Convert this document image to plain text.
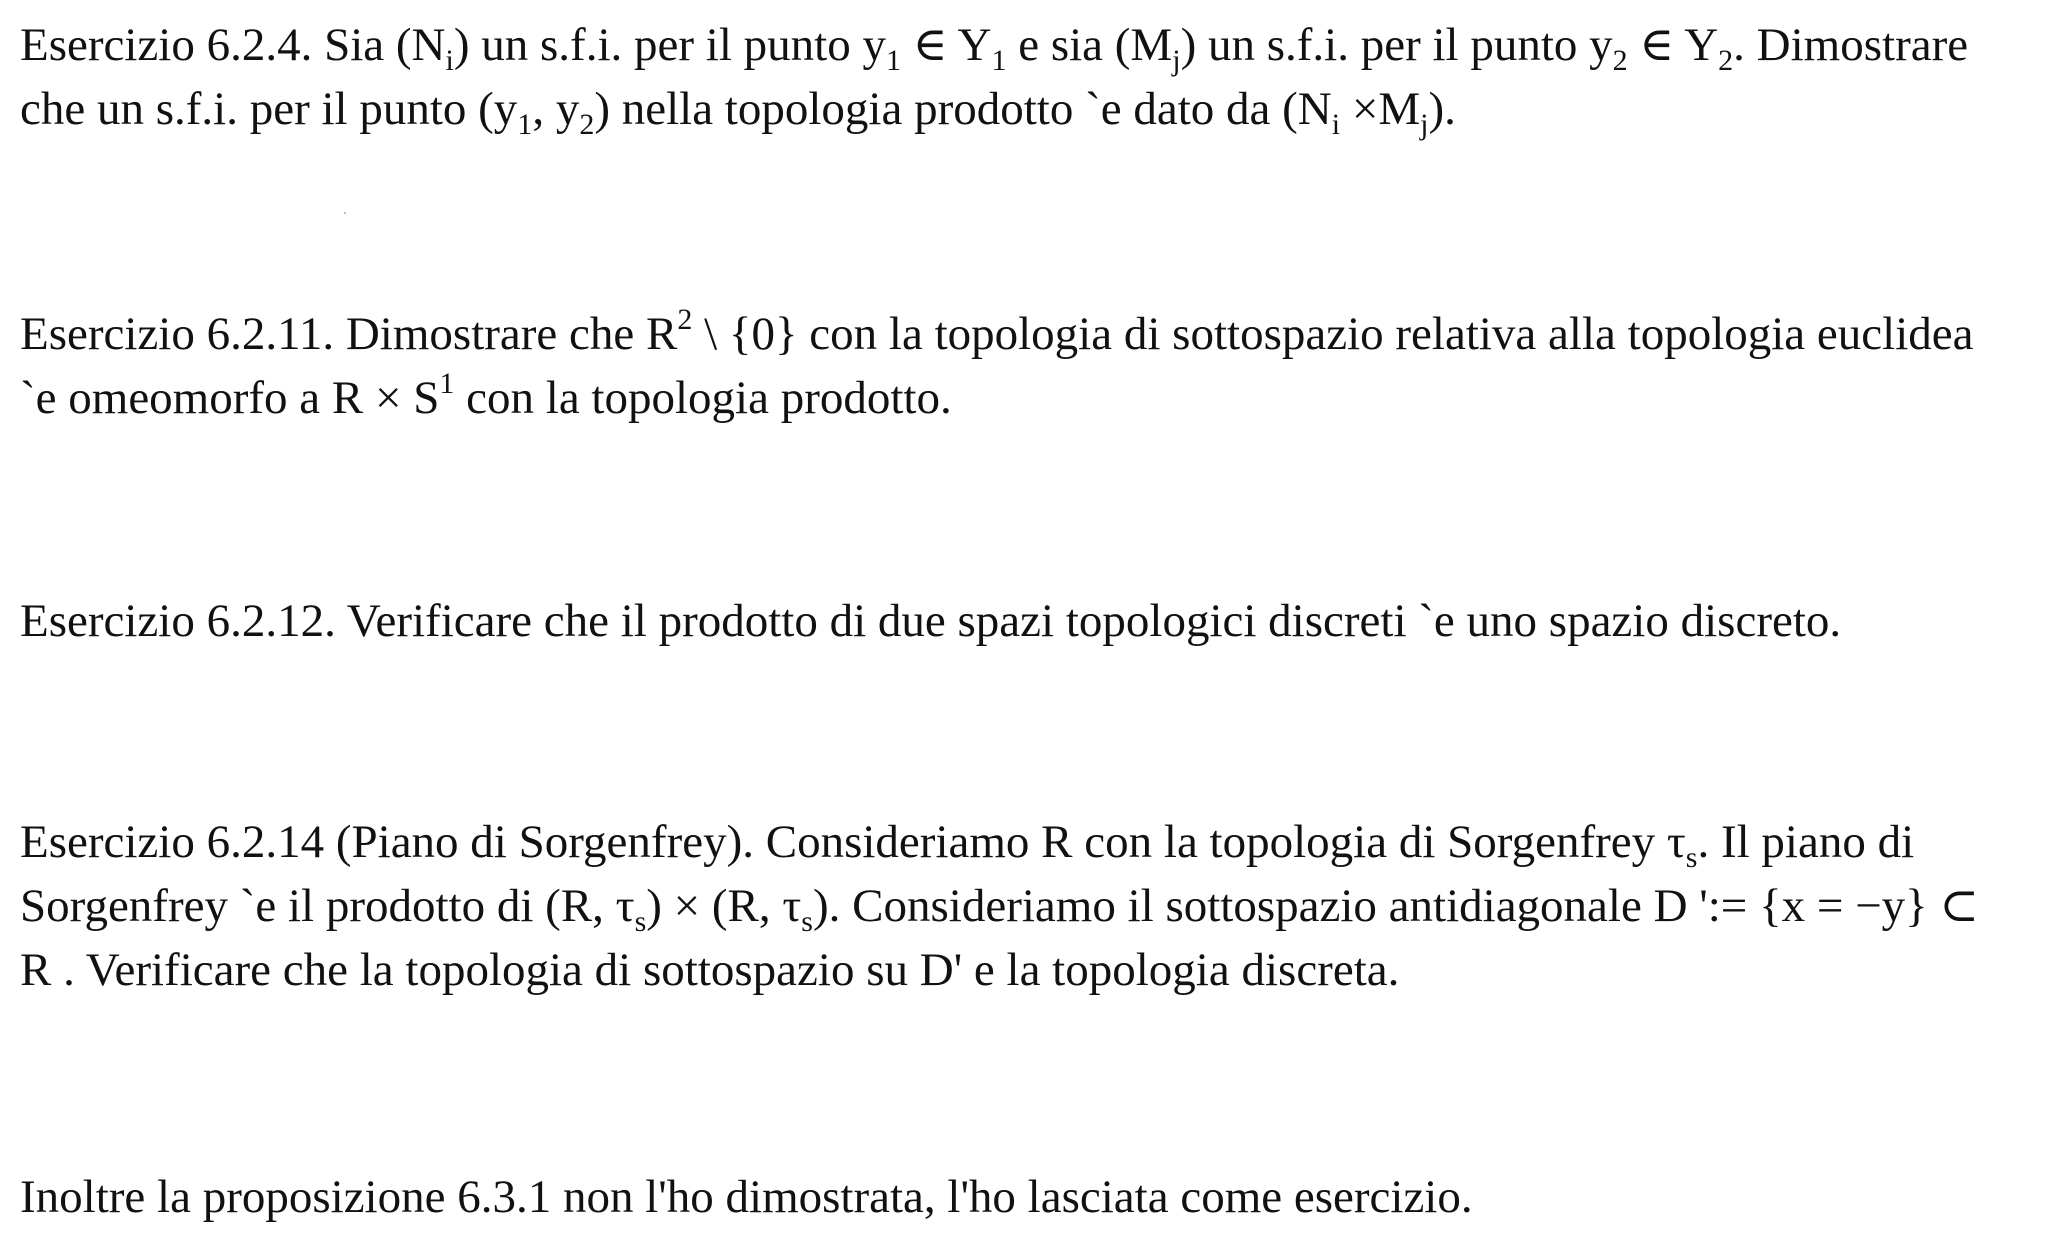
Esercizio 6.2.4. Sia $(N_i)$ un s.f.i. per il punto $y_1$ ∈ $Y_1$ e sia $(M_j)$ un s.f.i. per il punto $y_2$ ∈ $Y_2$. Dimostrare
che un s.f.i. per il punto ($y_1$, $y_2$) nella topologia prodotto `e dato da $(N_i \times M_j)$.
Esercizio 6.2.11. Dimostrare che $R^2$ \ {0} con la topologia di sottospazio relativa alla topologia euclidea
`e omeomorfo a $R \times S^1$ con la topologia prodotto.
Esercizio 6.2.12. Verificare che il prodotto di due spazi topologici discreti `e uno spazio discreto.
Esercizio 6.2.14 (Piano di Sorgenfrey). Consideriamo R con la topologia di Sorgenfrey $\tau_s$. Il piano di
Sorgenfrey `e il prodotto di (R, $\tau_s) \times (R$, $\tau_s$). Consideriamo il sottospazio antidiagonale D ':= {x = −y} ⊂
R . Verificare che la topologia di sottospazio su D' e la topologia discreta.
Inoltre la proposizione 6.3.1 non l'ho dimostrata, l'ho lasciata come esercizio.
